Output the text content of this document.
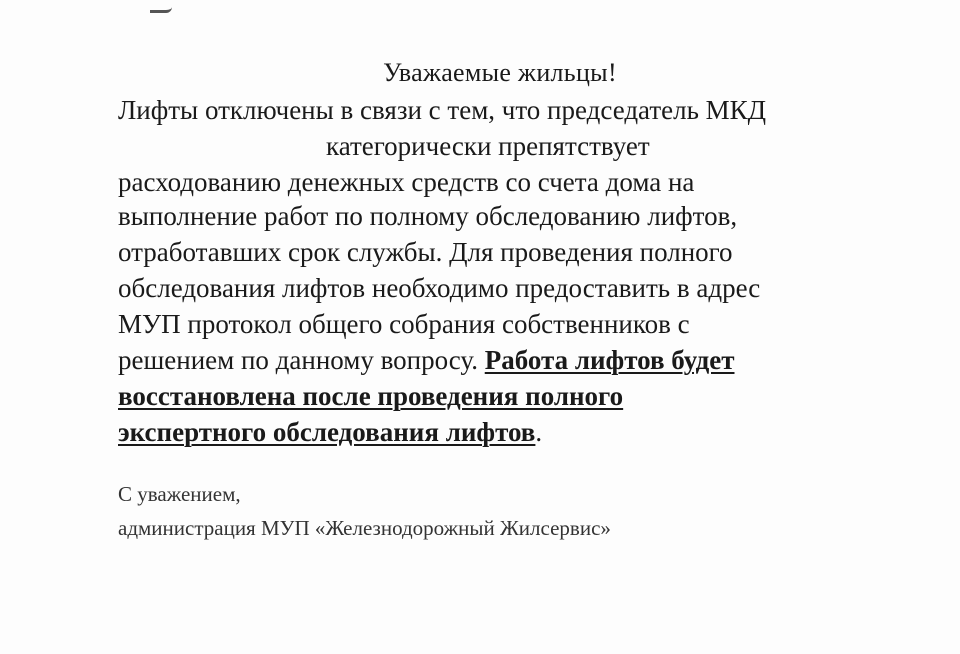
Уважаемые жильцы!
Лифты отключены в связи с тем, что председатель МКД
категорически препятствует
расходованию денежных средств со счета дома на
выполнение работ по полному обследованию лифтов,
отработавших срок службы. Для проведения полного
обследования лифтов необходимо предоставить в адрес
МУП протокол общего собрания собственников с
решением по данному вопросу. Работа лифтов будет
восстановлена после проведения полного
экспертного обследования лифтов.
С уважением,
администрация МУП «Железнодорожный Жилсервис»
